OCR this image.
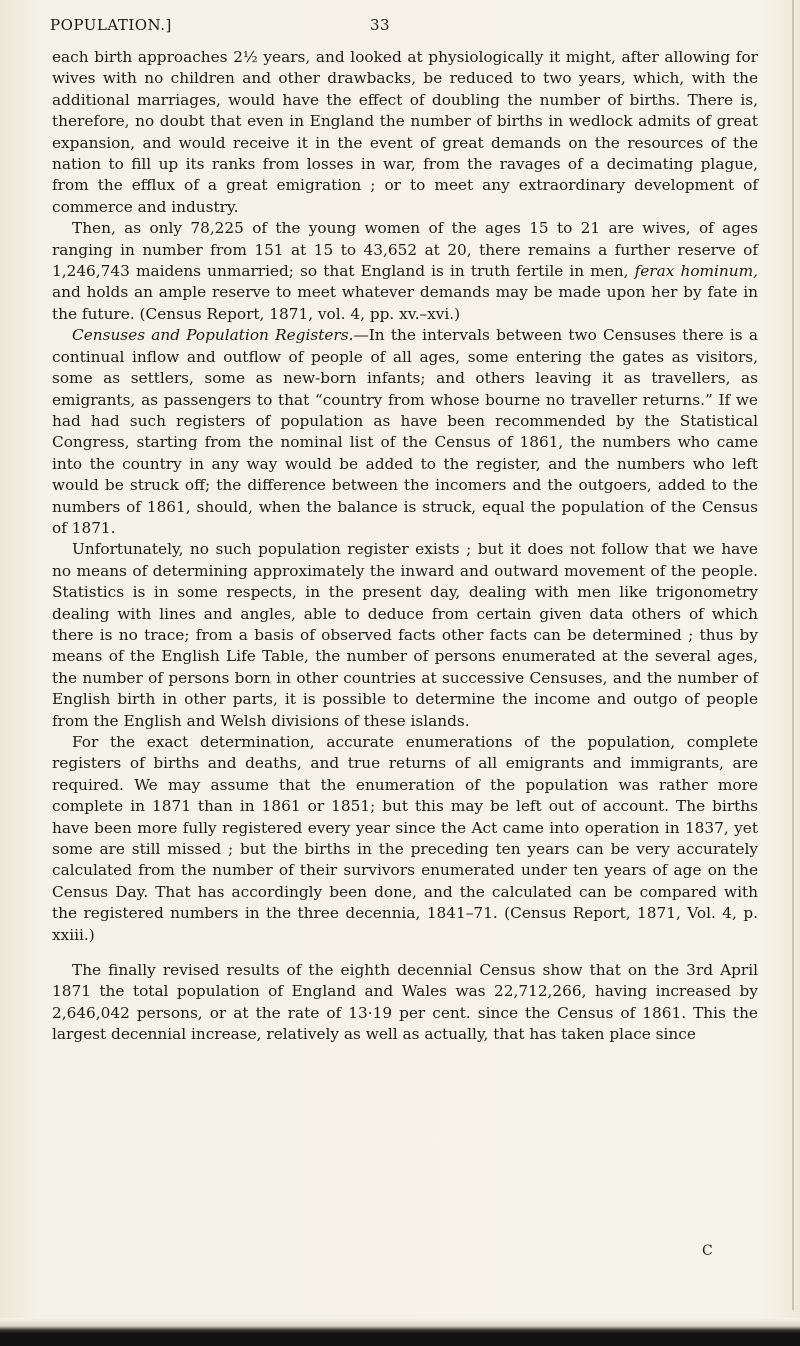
POPULATION.]	33

each birth approaches 2½ years, and looked at physiologically it might, after allowing for wives with no children and other drawbacks, be reduced to two years, which, with the additional marriages, would have the effect of doubling the number of births. There is, therefore, no doubt that even in England the number of births in wedlock admits of great expansion, and would receive it in the event of great demands on the resources of the nation to fill up its ranks from losses in war, from the ravages of a decimating plague, from the efflux of a great emigration ; or to meet any extraordinary development of commerce and industry.

Then, as only 78,225 of the young women of the ages 15 to 21 are wives, of ages ranging in number from 151 at 15 to 43,652 at 20, there remains a further reserve of 1,246,743 maidens unmarried; so that England is in truth fertile in men, ferax hominum, and holds an ample reserve to meet whatever demands may be made upon her by fate in the future. (Census Report, 1871, vol. 4, pp. xv.–xvi.)

Censuses and Population Registers.—In the intervals between two Censuses there is a continual inflow and outflow of people of all ages, some entering the gates as visitors, some as settlers, some as new-born infants; and others leaving it as travellers, as emigrants, as passengers to that “country from whose bourne no traveller returns.” If we had had such registers of population as have been recommended by the Statistical Congress, starting from the nominal list of the Census of 1861, the numbers who came into the country in any way would be added to the register, and the numbers who left would be struck off; the difference between the incomers and the outgoers, added to the numbers of 1861, should, when the balance is struck, equal the population of the Census of 1871.

Unfortunately, no such population register exists ; but it does not follow that we have no means of determining approximately the inward and outward movement of the people. Statistics is in some respects, in the present day, dealing with men like trigonometry dealing with lines and angles, able to deduce from certain given data others of which there is no trace; from a basis of observed facts other facts can be determined ; thus by means of the English Life Table, the number of persons enumerated at the several ages, the number of persons born in other countries at successive Censuses, and the number of English birth in other parts, it is possible to determine the income and outgo of people from the English and Welsh divisions of these islands.

For the exact determination, accurate enumerations of the population, complete registers of births and deaths, and true returns of all emigrants and immigrants, are required. We may assume that the enumeration of the population was rather more complete in 1871 than in 1861 or 1851; but this may be left out of account. The births have been more fully registered every year since the Act came into operation in 1837, yet some are still missed ; but the births in the preceding ten years can be very accurately calculated from the number of their survivors enumerated under ten years of age on the Census Day. That has accordingly been done, and the calculated can be compared with the registered numbers in the three decennia, 1841–71. (Census Report, 1871, Vol. 4, p. xxiii.)

The finally revised results of the eighth decennial Census show that on the 3rd April 1871 the total population of England and Wales was 22,712,266, having increased by 2,646,042 persons, or at the rate of 13·19 per cent. since the Census of 1861. This the largest decennial increase, relatively as well as actually, that has taken place since

C
